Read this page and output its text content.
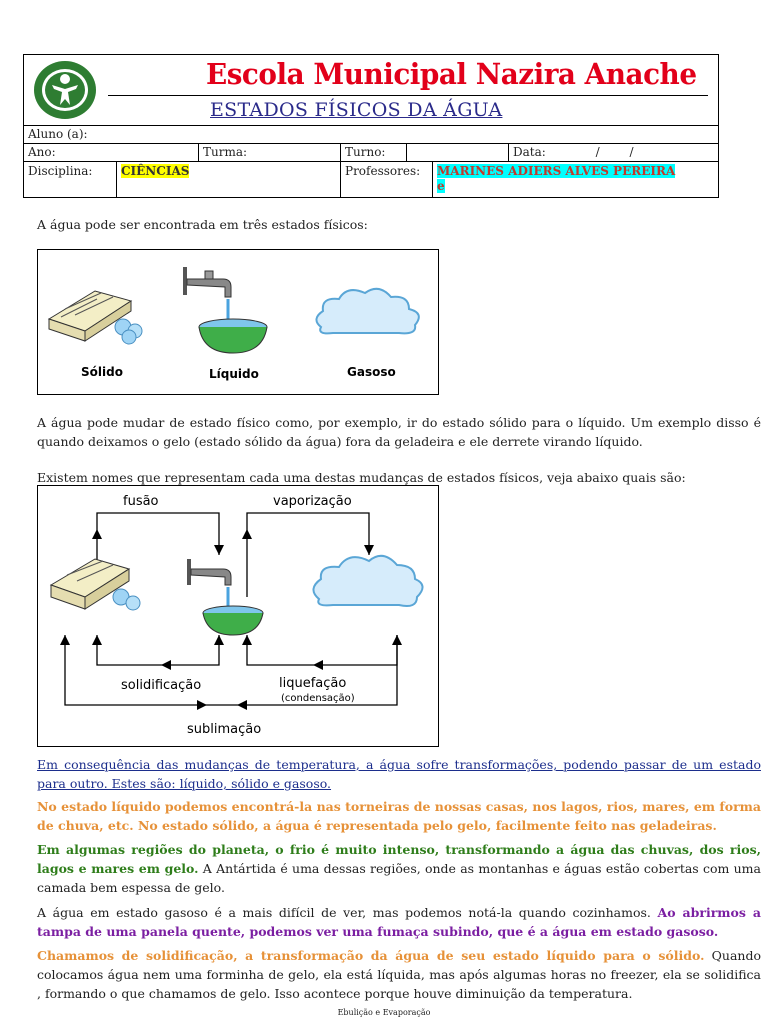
Escola Municipal Nazira Anache
ESTADOS FÍSICOS DA ÁGUA
Aluno (a):
Ano:	Turma:	Turno:	Data:	/ /
Disciplina:	CIÊNCIAS	Professores:	MARINES ADIERS ALVES PEREIRA
e
A água pode ser encontrada em três estados físicos:
Sólido	Líquido	Gasoso
A água pode mudar de estado físico como, por exemplo, ir do estado sólido para o líquido. Um exemplo disso é quando deixamos o gelo (estado sólido da água) fora da geladeira e ele derrete virando líquido.
Existem nomes que representam cada uma destas mudanças de estados físicos, veja abaixo quais são:
fusão	vaporização
solidificação	liquefação
(condensação)
sublimação
Em consequência das mudanças de temperatura, a água sofre transformações, podendo passar de um estado para outro. Estes são: líquido, sólido e gasoso.
No estado líquido podemos encontrá-la nas torneiras de nossas casas, nos lagos, rios, mares, em forma de chuva, etc. No estado sólido, a água é representada pelo gelo, facilmente feito nas geladeiras.
Em algumas regiões do planeta, o frio é muito intenso, transformando a água das chuvas, dos rios, lagos e mares em gelo. A Antártida é uma dessas regiões, onde as montanhas e águas estão cobertas com uma camada bem espessa de gelo.
A água em estado gasoso é a mais difícil de ver, mas podemos notá-la quando cozinhamos. Ao abrirmos a tampa de uma panela quente, podemos ver uma fumaça subindo, que é a água em estado gasoso.
Chamamos de solidificação, a transformação da água de seu estado líquido para o sólido. Quando colocamos água nem uma forminha de gelo, ela está líquida, mas após algumas horas no freezer, ela se solidifica , formando o que chamamos de gelo. Isso acontece porque houve diminuição da temperatura.
Ebulição e Evaporação
